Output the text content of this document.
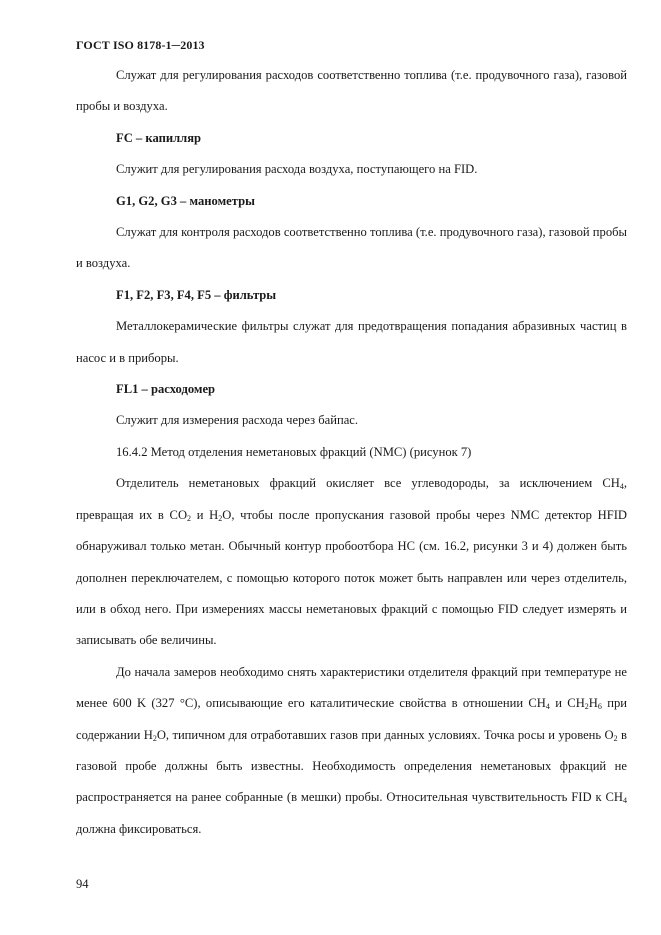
ГОСТ ISO 8178-1─2013

Служат для регулирования расходов соответственно топлива (т.е. продувочного газа), газовой пробы и воздуха.

FC – капилляр

Служит для регулирования расхода воздуха, поступающего на FID.

G1, G2, G3 – манометры

Служат для контроля расходов соответственно топлива (т.е. продувочного газа), газовой пробы и воздуха.

F1, F2, F3, F4, F5 – фильтры

Металлокерамические фильтры служат для предотвращения попадания абразивных частиц в насос и в приборы.

FL1 – расходомер

Служит для измерения расхода через байпас.

16.4.2 Метод отделения неметановых фракций (NMC) (рисунок 7)

Отделитель неметановых фракций окисляет все углеводороды, за исключением $CH_4$, превращая их в $CO_2$ и $H_2O$, чтобы после пропускания газовой пробы через NMC детектор HFID обнаруживал только метан. Обычный контур пробоотбора HC (см. 16.2, рисунки 3 и 4) должен быть дополнен переключателем, с помощью которого поток может быть направлен или через отделитель, или в обход него. При измерениях массы неметановых фракций с помощью FID следует измерять и записывать обе величины.

До начала замеров необходимо снять характеристики отделителя фракций при температуре не менее 600 K (327 °C), описывающие его каталитические свойства в отношении $CH_4$ и $CH_2H_6$ при содержании $H_2O$, типичном для отработавших газов при данных условиях. Точка росы и уровень $O_2$ в газовой пробе должны быть известны. Необходимость определения неметановых фракций не распространяется на ранее собранные (в мешки) пробы. Относительная чувствительность FID к $CH_4$ должна фиксироваться.

94
